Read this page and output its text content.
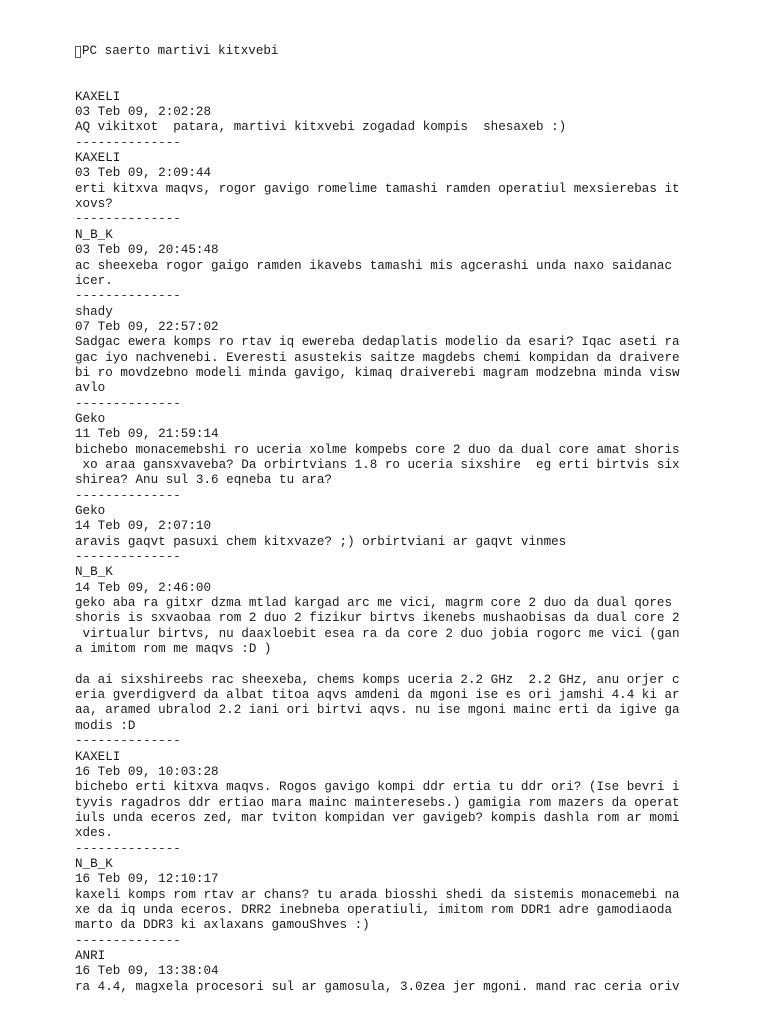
PC saerto martivi kitxvebi

KAXELI
03 Teb 09, 2:02:28
AQ vikitxot  patara, martivi kitxvebi zogadad kompis  shesaxeb :)
--------------
KAXELI
03 Teb 09, 2:09:44
erti kitxva maqvs, rogor gavigo romelime tamashi ramden operatiul mexsierebas it
xovs?
--------------
N_B_K
03 Teb 09, 20:45:48
ac sheexeba rogor gaigo ramden ikavebs tamashi mis agcerashi unda naxo saidanac
icer.
--------------
shady
07 Teb 09, 22:57:02
Sadgac ewera komps ro rtav iq ewereba dedaplatis modelio da esari? Iqac aseti ra
gac iyo nachvenebi. Everesti asustekis saitze magdebs chemi kompidan da draivere
bi ro movdzebno modeli minda gavigo, kimaq draiverebi magram modzebna minda visw
avlo
--------------
Geko
11 Teb 09, 21:59:14
bichebo monacemebshi ro uceria xolme kompebs core 2 duo da dual core amat shoris
xo araa gansxvaveba? Da orbirtvians 1.8 ro uceria sixshire  eg erti birtvis six
shirea? Anu sul 3.6 eqneba tu ara?
--------------
Geko
14 Teb 09, 2:07:10
aravis gaqvt pasuxi chem kitxvaze? ;) orbirtviani ar gaqvt vinmes
--------------
N_B_K
14 Teb 09, 2:46:00
geko aba ra gitxr dzma mtlad kargad arc me vici, magrm core 2 duo da dual qores
shoris is sxvaobaa rom 2 duo 2 fizikur birtvs ikenebs mushaobisas da dual core 2
virtualur birtvs, nu daaxloebit esea ra da core 2 duo jobia rogorc me vici (gan
a imitom rom me maqvs :D )
da ai sixshireebs rac sheexeba, chems komps uceria 2.2 GHz  2.2 GHz, anu orjer c
eria gverdigverd da albat titoa aqvs amdeni da mgoni ise es ori jamshi 4.4 ki ar
aa, aramed ubralod 2.2 iani ori birtvi aqvs. nu ise mgoni mainc erti da igive ga
modis :D
--------------
KAXELI
16 Teb 09, 10:03:28
bichebo erti kitxva maqvs. Rogos gavigo kompi ddr ertia tu ddr ori? (Ise bevri i
tyvis ragadros ddr ertiao mara mainc mainteresebs.) gamigia rom mazers da operat
iuls unda eceros zed, mar tviton kompidan ver gavigeb? kompis dashla rom ar momi
xdes.
--------------
N_B_K
16 Teb 09, 12:10:17
kaxeli komps rom rtav ar chans? tu arada biosshi shedi da sistemis monacemebi na
xe da iq unda eceros. DRR2 inebneba operatiuli, imitom rom DDR1 adre gamodiaoda
marto da DDR3 ki axlaxans gamouShves :)
--------------
ANRI
16 Teb 09, 13:38:04
ra 4.4, magxela procesori sul ar gamosula, 3.0zea jer mgoni. mand rac ceria oriv
